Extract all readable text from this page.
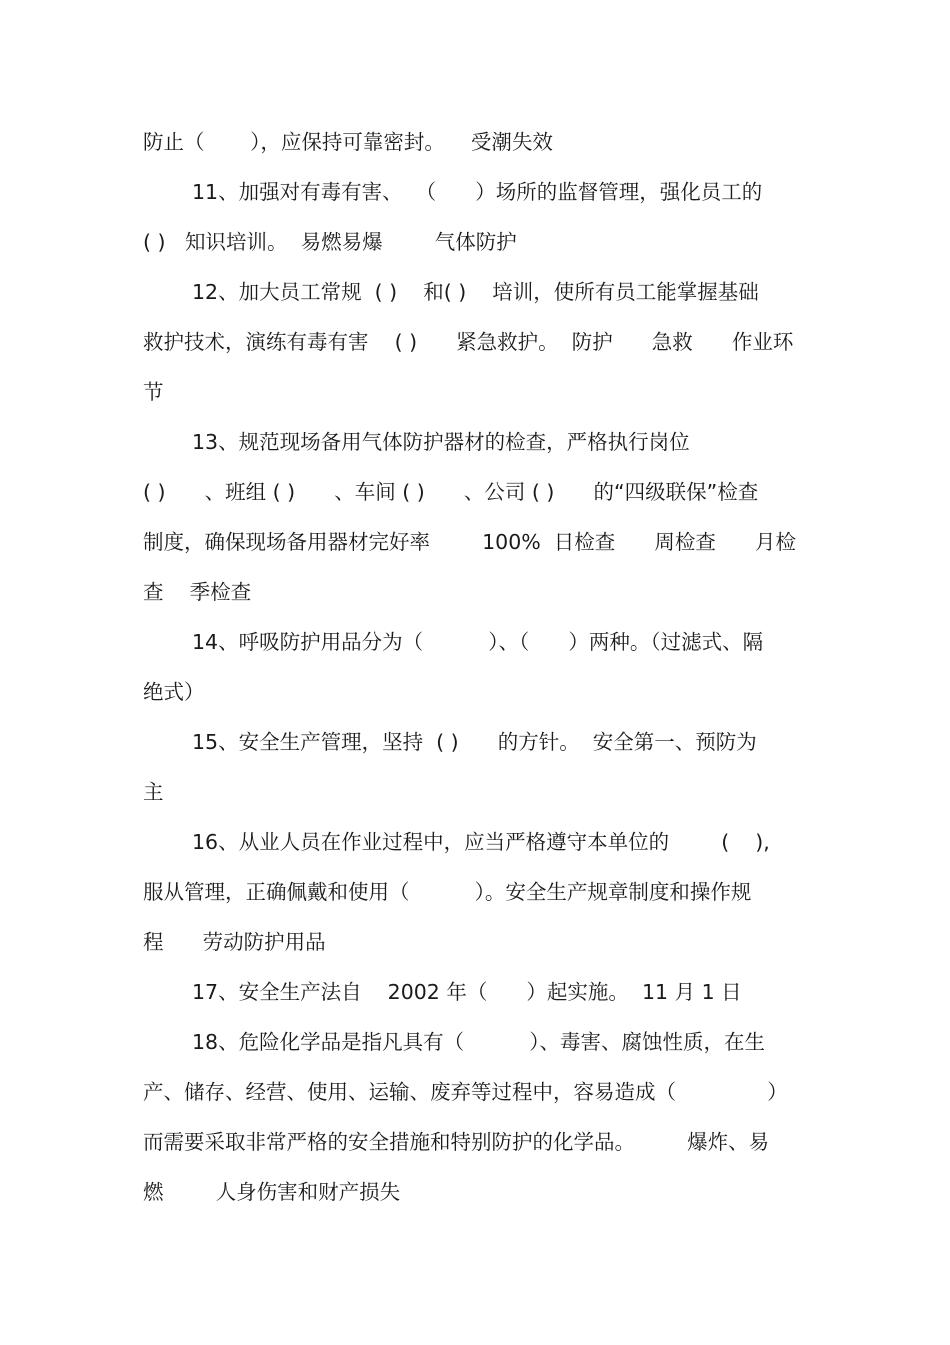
防止（       ），应保持可靠密封。    受潮失效
11、加强对有毒有害、  （      ）场所的监督管理，强化员工的
( )   知识培训。  易燃易爆        气体防护
12、加大员工常规  ( )    和( )    培训，使所有员工能掌握基础
救护技术，演练有毒有害    ( )      紧急救护。  防护      急救      作业环
节
13、规范现场备用气体防护器材的检查，严格执行岗位
( )      、班组 ( )      、车间 ( )      、公司 ( )      的“四级联保”检查
制度，确保现场备用器材完好率        100%  日检查      周检查      月检
查    季检查
14、呼吸防护用品分为（          ）、（      ）两种。（过滤式、隔
绝式）
15、安全生产管理，坚持  ( )      的方针。  安全第一、预防为
主
16、从业人员在作业过程中，应当严格遵守本单位的        (    ),
服从管理，正确佩戴和使用（          ）。安全生产规章制度和操作规
程      劳动防护用品
17、安全生产法自    2002 年（      ）起实施。  11 月 1 日
18、危险化学品是指凡具有（          ）、毒害、腐蚀性质，在生
产、储存、经营、使用、运输、废弃等过程中，容易造成（              ）
而需要采取非常严格的安全措施和特别防护的化学品。        爆炸、易
燃        人身伤害和财产损失
